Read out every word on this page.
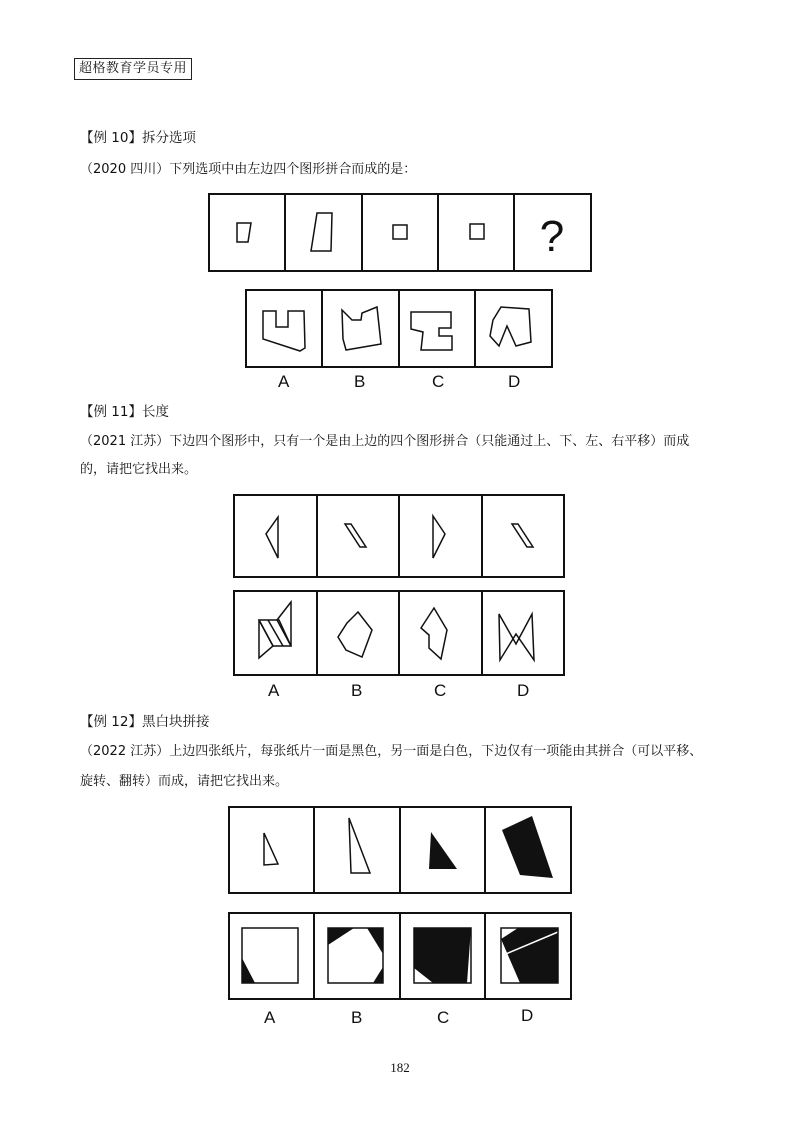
超格教育学员专用
【例 10】拆分选项
（2020 四川）下列选项中由左边四个图形拼合而成的是：
?
A	B	C	D
【例 11】长度
（2021 江苏）下边四个图形中，只有一个是由上边的四个图形拼合（只能通过上、下、左、右平移）而成
的，请把它找出来。
A	B	C	D
【例 12】黑白块拼接
（2022 江苏）上边四张纸片，每张纸片一面是黑色，另一面是白色，下边仅有一项能由其拼合（可以平移、
旋转、翻转）而成，请把它找出来。
A	B	C	D
182
